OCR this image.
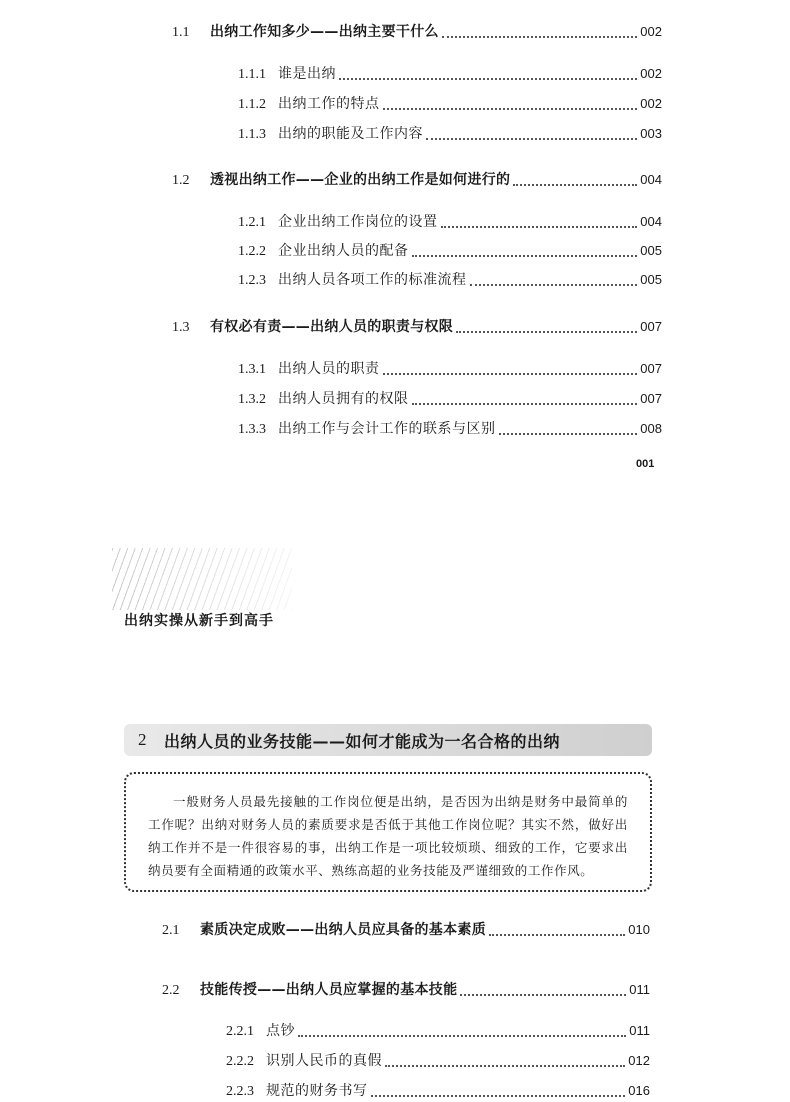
1.1	出纳工作知多少——出纳主要干什么	002
1.1.1 谁是出纳	002
1.1.2 出纳工作的特点	002
1.1.3 出纳的职能及工作内容	003
1.2	透视出纳工作——企业的出纳工作是如何进行的	004
1.2.1 企业出纳工作岗位的设置	004
1.2.2 企业出纳人员的配备	005
1.2.3 出纳人员各项工作的标准流程	005
1.3	有权必有责——出纳人员的职责与权限	007
1.3.1 出纳人员的职责	007
1.3.2 出纳人员拥有的权限	007
1.3.3 出纳工作与会计工作的联系与区别	008
001
出纳实操从新手到高手
2	出纳人员的业务技能——如何才能成为一名合格的出纳
一般财务人员最先接触的工作岗位便是出纳，是否因为出纳是财务中最简单的工作呢？出纳对财务人员的素质要求是否低于其他工作岗位呢？其实不然，做好出纳工作并不是一件很容易的事，出纳工作是一项比较烦琐、细致的工作，它要求出纳员要有全面精通的政策水平、熟练高超的业务技能及严谨细致的工作作风。
2.1	素质决定成败——出纳人员应具备的基本素质	010
2.2	技能传授——出纳人员应掌握的基本技能	011
2.2.1 点钞	011
2.2.2 识别人民币的真假	012
2.2.3 规范的财务书写	016
